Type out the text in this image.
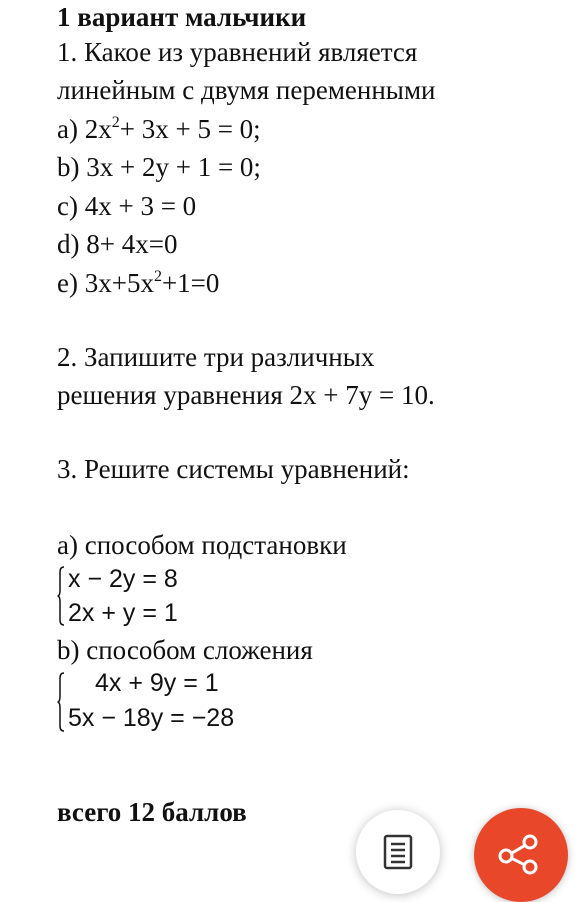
1 вариант мальчики
1. Какое из уравнений является
линейным с двумя переменными
a) $2x^2+ 3x + 5 = 0$;
b) 3x + 2y + 1 = 0;
c) 4x + 3 = 0
d) 8+ 4x=0
e) $3x+5x^2+1=0$
2. Запишите три различных
решения уравнения 2x + 7y = 10.
3. Решите системы уравнений:
a) способом подстановки
x − 2y = 8
2x + y = 1
b) способом сложения
4x + 9y = 1
5x − 18y = −28
всего 12 баллов
